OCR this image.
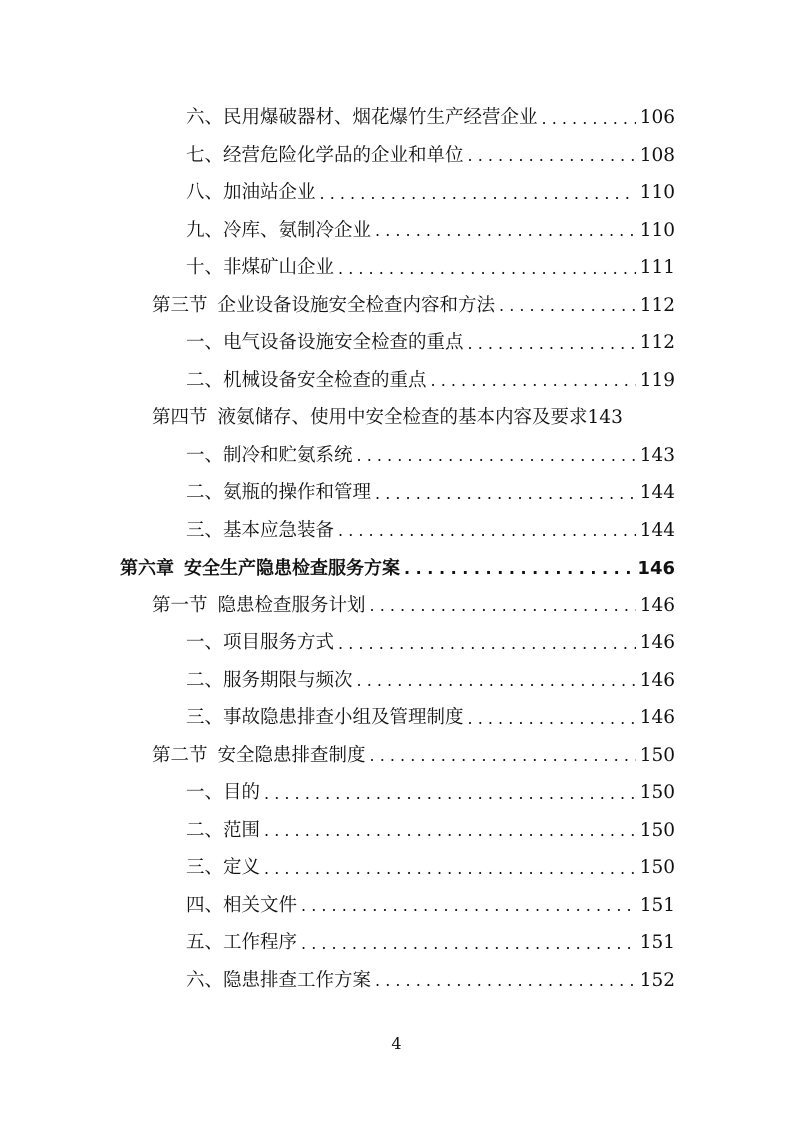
六、民用爆破器材、烟花爆竹生产经营企业 . . .	106
七、经营危险化学品的企业和单位 . . .	108
八、加油站企业 . . .	110
九、冷库、氨制冷企业 . . .	110
十、非煤矿山企业 . . .	111
第三节 企业设备设施安全检查内容和方法 . . .	112
一、电气设备设施安全检查的重点 . . .	112
二、机械设备安全检查的重点 . . .	119
第四节 液氨储存、使用中安全检查的基本内容及要求 143
一、制冷和贮氨系统 . . .	143
二、氨瓶的操作和管理 . . .	144
三、基本应急装备 . . .	144
第六章 安全生产隐患检查服务方案 . . .	146
第一节 隐患检查服务计划 . . .	146
一、项目服务方式 . . .	146
二、服务期限与频次 . . .	146
三、事故隐患排查小组及管理制度 . . .	146
第二节 安全隐患排查制度 . . .	150
一、目的 . . .	150
二、范围 . . .	150
三、定义 . . .	150
四、相关文件 . . .	151
五、工作程序 . . .	151
六、隐患排查工作方案 . . .	152
4
